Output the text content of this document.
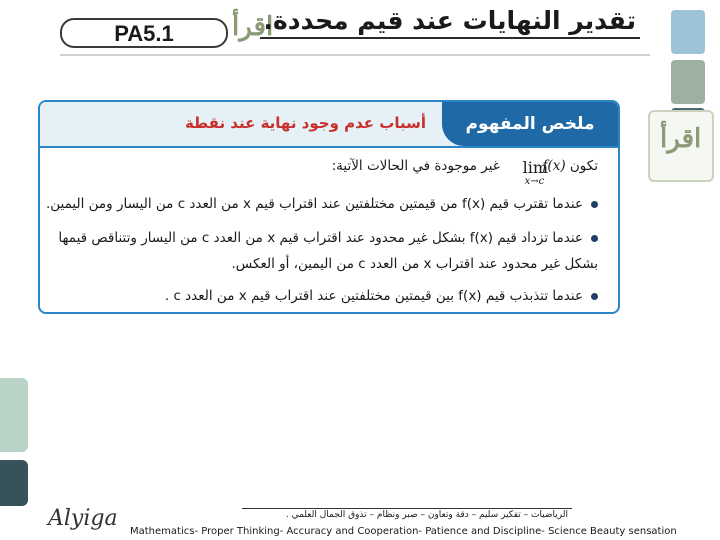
PA5.1	اقرأ
تقدير النهايات عند قيم محددة.
اقرأ
ملخص المفهوم
أسباب عدم وجود نهاية عند نقطة
تكون f(x)  غير موجودة في الحالات الآتية:	lim
x→c
عندما تقترب قيم f(x) من قيمتين مختلفتين عند اقتراب قيم x من العدد c من اليسار ومن اليمين.
عندما تزداد قيم f(x) بشكل غير محدود عند اقتراب قيم x من العدد c من اليسار وتتناقص قيمها
بشكل غير محدود عند اقتراب x من العدد c من اليمين، أو العكس.
عندما تتذبذب قيم f(x) بين قيمتين مختلفتين عند اقتراب قيم x من العدد c .
Alyiga	الرياضيات – تفكير سليم – دقة وتعاون – صبر ونظام – تذوق الجمال العلمي .
Mathematics- Proper Thinking- Accuracy and Cooperation- Patience and Discipline- Science Beauty sensation
